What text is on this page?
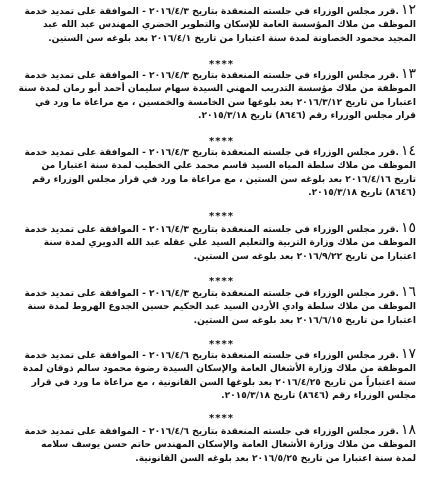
١٢.قرر مجلس الوزراء في جلسته المنعقدة بتاريخ ٢٠١٦/٤/٣ - الموافقة على تمديد خدمة الموظف من ملاك المؤسسة العامة للإسكان والتطوير الحضري المهندس عبد الله عبد المجيد محمود الخصاونة لمدة سنة اعتبارا من تاريخ ٢٠١٦/٤/١ بعد بلوغه سن الستين.
****
١٣.قرر مجلس الوزراء في جلسته المنعقدة بتاريخ ٢٠١٦/٤/٣ - الموافقة على تمديد خدمة الموظفة من ملاك مؤسسة التدريب المهني السيدة سهام سليمان أحمد أبو رمان لمدة سنة اعتبارا من تاريخ ٢٠١٦/٣/١٢ بعد بلوغها سن الخامسة والخمسين ، مع مراعاة ما ورد في قرار مجلس الوزراء رقم (٨٦٤٦) تاريخ ٢٠١٥/٣/١٨.
****
١٤.قرر مجلس الوزراء في جلسته المنعقدة بتاريخ ٢٠١٦/٤/٣ - الموافقة على تمديد خدمة الموظف من ملاك سلطة المياه السيد قاسم محمد علي الخطيب لمدة سنة اعتبارا من تاريخ ٢٠١٦/٤/١٦ بعد بلوغه سن الستين ، مع مراعاة ما ورد في قرار مجلس الوزراء رقم (٨٦٤٦) تاريخ ٢٠١٥/٣/١٨.
****
١٥.قرر مجلس الوزراء في جلسته المنعقدة بتاريخ ٢٠١٦/٤/٣ - الموافقة على تمديد خدمة الموظف من ملاك وزارة التربية والتعليم السيد علي عقله عبد الله الدويري لمدة سنة اعتبارا من تاريخ ٢٠١٦/٩/٢٢ بعد بلوغه سن الستين.
****
١٦.قرر مجلس الوزراء في جلسته المنعقدة بتاريخ ٢٠١٦/٤/٣ - الموافقة على تمديد خدمة الموظف من ملاك سلطة وادي الأردن السيد عبد الحكيم حسين الجدوع الهروط لمدة سنة اعتبارا من تاريخ ٢٠١٦/٦/١٥ بعد بلوغه سن الستين.
****
١٧.قرر مجلس الوزراء في جلسته المنعقدة بتاريخ ٢٠١٦/٤/٦ - الموافقة على تمديد خدمة الموظفة من ملاك وزارة الأشغال العامة والإسكان السيدة رضوة محمود سالم ذوقان لمدة سنة اعتباراً من تاريخ ٢٠١٦/٤/٢٥ بعد بلوغها السن القانونية ، مع مراعاة ما ورد في قرار مجلس الوزراء رقم (٨٦٤٦) تاريخ ٢٠١٥/٣/١٨.
****
١٨.قرر مجلس الوزراء في جلسته المنعقدة بتاريخ ٢٠١٦/٤/٦ - الموافقة على تمديد خدمة الموظف من ملاك وزارة الأشغال العامة والإسكان المهندس حاتم حسن يوسف سلامه لمدة سنة اعتبارا من تاريخ ٢٠١٦/٥/٢٥ بعد بلوغه السن القانونية.
